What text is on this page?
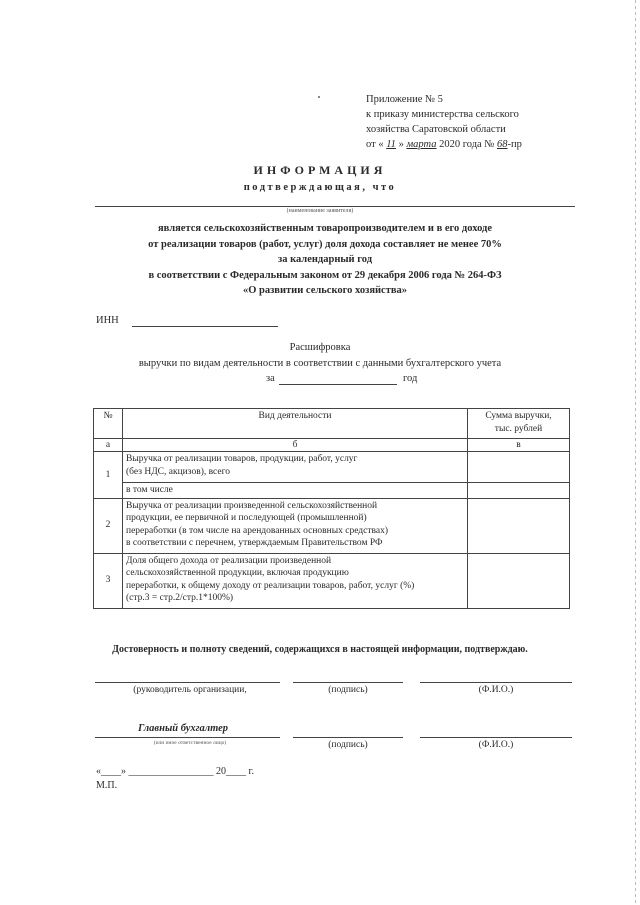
Приложение № 5
к приказу министерства сельского
хозяйства Саратовской области
от « 11 » марта 2020 года № 68-пр
ИНФОРМАЦИЯ
подтверждающая, что
(наименование заявителя)
является сельскохозяйственным товаропроизводителем и в его доходе
от реализации товаров (работ, услуг) доля дохода составляет не менее 70%
за календарный год
в соответствии с Федеральным законом от 29 декабря 2006 года № 264-ФЗ
«О развитии сельского хозяйства»
ИНН
Расшифровка
выручки по видам деятельности в соответствии с данными бухгалтерского учета
за	год
№	Вид деятельности	Сумма выручки,
тыс. рублей

а	б	в
1	Выручка от реализации товаров, продукции, работ, услуг
(без НДС, акцизов), всего	

	в том числе	
2	Выручка от реализации произведенной сельскохозяйственной
продукции, ее первичной и последующей (промышленной)
переработки (в том числе на арендованных основных средствах)
в соответствии с перечнем, утверждаемым Правительством РФ	

3	Доля общего дохода от реализации произведенной
сельскохозяйственной продукции, включая продукцию
переработки, к общему доходу от реализации товаров, работ, услуг (%)
(стр.3 = стр.2/стр.1*100%)	

Достоверность и полноту сведений, содержащихся в настоящей информации, подтверждаю.
(руководитель организации,	(подпись)	(Ф.И.О.)
Главный бухгалтер
(или иное ответственное лицо)	(подпись)	(Ф.И.О.)
«____» _________________ 20____ г.
М.П.
